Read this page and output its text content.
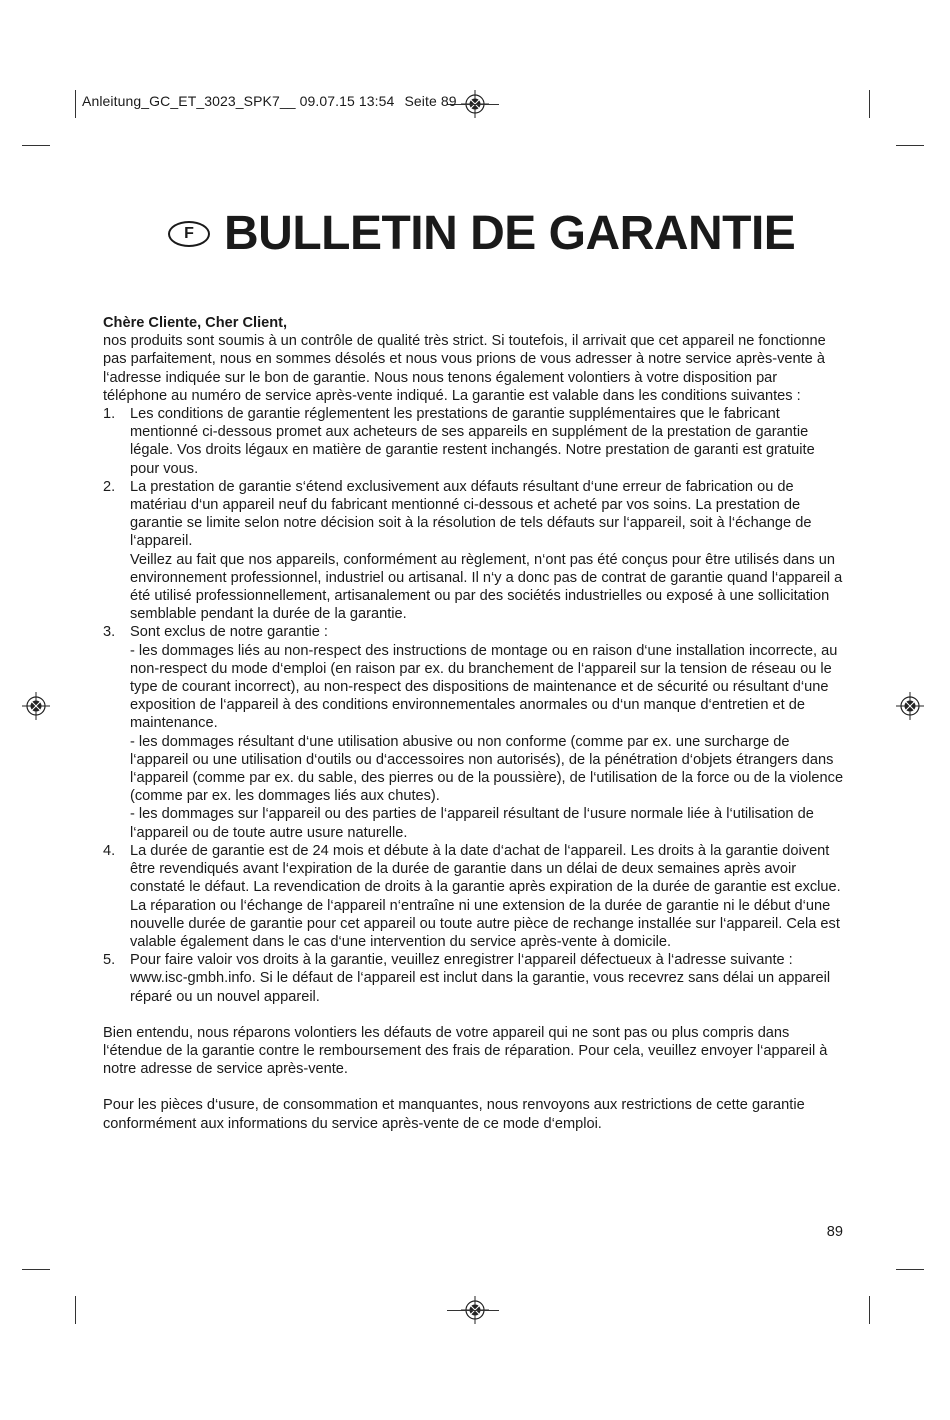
Anleitung_GC_ET_3023_SPK7__ 09.07.15 13:54 Seite 89
F BULLETIN DE GARANTIE

Chère Cliente, Cher Client,

nos produits sont soumis à un contrôle de qualité très strict. Si toutefois, il arrivait que cet appareil ne fonctionne pas parfaitement, nous en sommes désolés et nous vous prions de vous adresser à notre service après-vente à l‘adresse indiquée sur le bon de garantie. Nous nous tenons également volontiers à votre disposition par téléphone au numéro de service après-vente indiqué. La garantie est valable dans les conditions suivantes :

1. Les conditions de garantie réglementent les prestations de garantie supplémentaires que le fabricant mentionné ci-dessous promet aux acheteurs de ses appareils en supplément de la prestation de garantie légale. Vos droits légaux en matière de garantie restent inchangés. Notre prestation de garanti est gratuite pour vous.

2. La prestation de garantie s‘étend exclusivement aux défauts résultant d‘une erreur de fabrication ou de matériau d‘un appareil neuf du fabricant mentionné ci-dessous et acheté par vos soins. La prestation de garantie se limite selon notre décision soit à la résolution de tels défauts sur l‘appareil, soit à l‘échange de l‘appareil.

Veillez au fait que nos appareils, conformément au règlement, n‘ont pas été conçus pour être utilisés dans un environnement professionnel, industriel ou artisanal. Il n‘y a donc pas de contrat de garantie quand l‘appareil a été utilisé professionnellement, artisanalement ou par des sociétés industrielles ou exposé à une sollicitation semblable pendant la durée de la garantie.

3. Sont exclus de notre garantie :

- les dommages liés au non-respect des instructions de montage ou en raison d‘une installation incorrecte, au non-respect du mode d‘emploi (en raison par ex. du branchement de l‘appareil sur la tension de réseau ou le type de courant incorrect), au non-respect des dispositions de maintenance et de sécurité ou résultant d‘une exposition de l‘appareil à des conditions environnementales anormales ou d‘un manque d‘entretien et de maintenance.

- les dommages résultant d‘une utilisation abusive ou non conforme (comme par ex. une surcharge de l‘appareil ou une utilisation d‘outils ou d‘accessoires non autorisés), de la pénétration d‘objets étrangers dans l‘appareil (comme par ex. du sable, des pierres ou de la poussière), de l‘utilisation de la force ou de la violence (comme par ex. les dommages liés aux chutes).

- les dommages sur l‘appareil ou des parties de l‘appareil résultant de l‘usure normale liée à l‘utilisation de l‘appareil ou de toute autre usure naturelle.

4. La durée de garantie est de 24 mois et débute à la date d‘achat de l‘appareil. Les droits à la garantie doivent être revendiqués avant l‘expiration de la durée de garantie dans un délai de deux semaines après avoir constaté le défaut. La revendication de droits à la garantie après expiration de la durée de garantie est exclue. La réparation ou l‘échange de l‘appareil n‘entraîne ni une extension de la durée de garantie ni le début d‘une nouvelle durée de garantie pour cet appareil ou toute autre pièce de rechange installée sur l‘appareil. Cela est valable également dans le cas d‘une intervention du service après-vente à domicile.

5. Pour faire valoir vos droits à la garantie, veuillez enregistrer l‘appareil défectueux à l‘adresse suivante : www.isc-gmbh.info. Si le défaut de l‘appareil est inclut dans la garantie, vous recevrez sans délai un appareil réparé ou un nouvel appareil.

Bien entendu, nous réparons volontiers les défauts de votre appareil qui ne sont pas ou plus compris dans l‘étendue de la garantie contre le remboursement des frais de réparation. Pour cela, veuillez envoyer l‘appareil à notre adresse de service après-vente.

Pour les pièces d‘usure, de consommation et manquantes, nous renvoyons aux restrictions de cette garantie conformément aux informations du service après-vente de ce mode d‘emploi.

89
